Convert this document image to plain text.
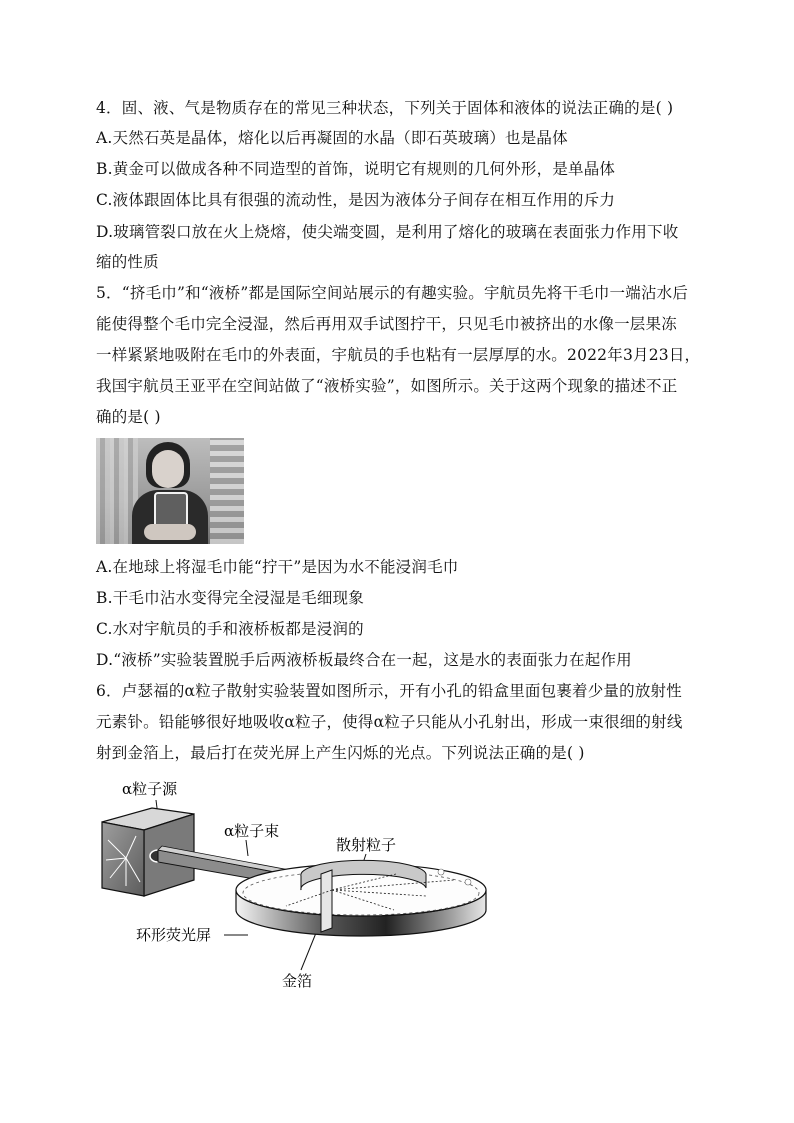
4．固、液、气是物质存在的常见三种状态，下列关于固体和液体的说法正确的是( )
A.天然石英是晶体，熔化以后再凝固的水晶（即石英玻璃）也是晶体
B.黄金可以做成各种不同造型的首饰，说明它有规则的几何外形，是单晶体
C.液体跟固体比具有很强的流动性，是因为液体分子间存在相互作用的斥力
D.玻璃管裂口放在火上烧熔，使尖端变圆，是利用了熔化的玻璃在表面张力作用下收
缩的性质
5．“挤毛巾”和“液桥”都是国际空间站展示的有趣实验。宇航员先将干毛巾一端沾水后
能使得整个毛巾完全浸湿，然后再用双手试图拧干，只见毛巾被挤出的水像一层果冻
一样紧紧地吸附在毛巾的外表面，宇航员的手也粘有一层厚厚的水。2022年3月23日，
我国宇航员王亚平在空间站做了“液桥实验”，如图所示。关于这两个现象的描述不正
确的是( )
A.在地球上将湿毛巾能“拧干”是因为水不能浸润毛巾
B.干毛巾沾水变得完全浸湿是毛细现象
C.水对宇航员的手和液桥板都是浸润的
D.“液桥”实验装置脱手后两液桥板最终合在一起，这是水的表面张力在起作用
6．卢瑟福的α粒子散射实验装置如图所示，开有小孔的铅盒里面包裹着少量的放射性
元素钋。铅能够很好地吸收α粒子，使得α粒子只能从小孔射出，形成一束很细的射线
射到金箔上，最后打在荧光屏上产生闪烁的光点。下列说法正确的是( )
α粒子源
α粒子束
散射粒子
环形荧光屏
金箔
